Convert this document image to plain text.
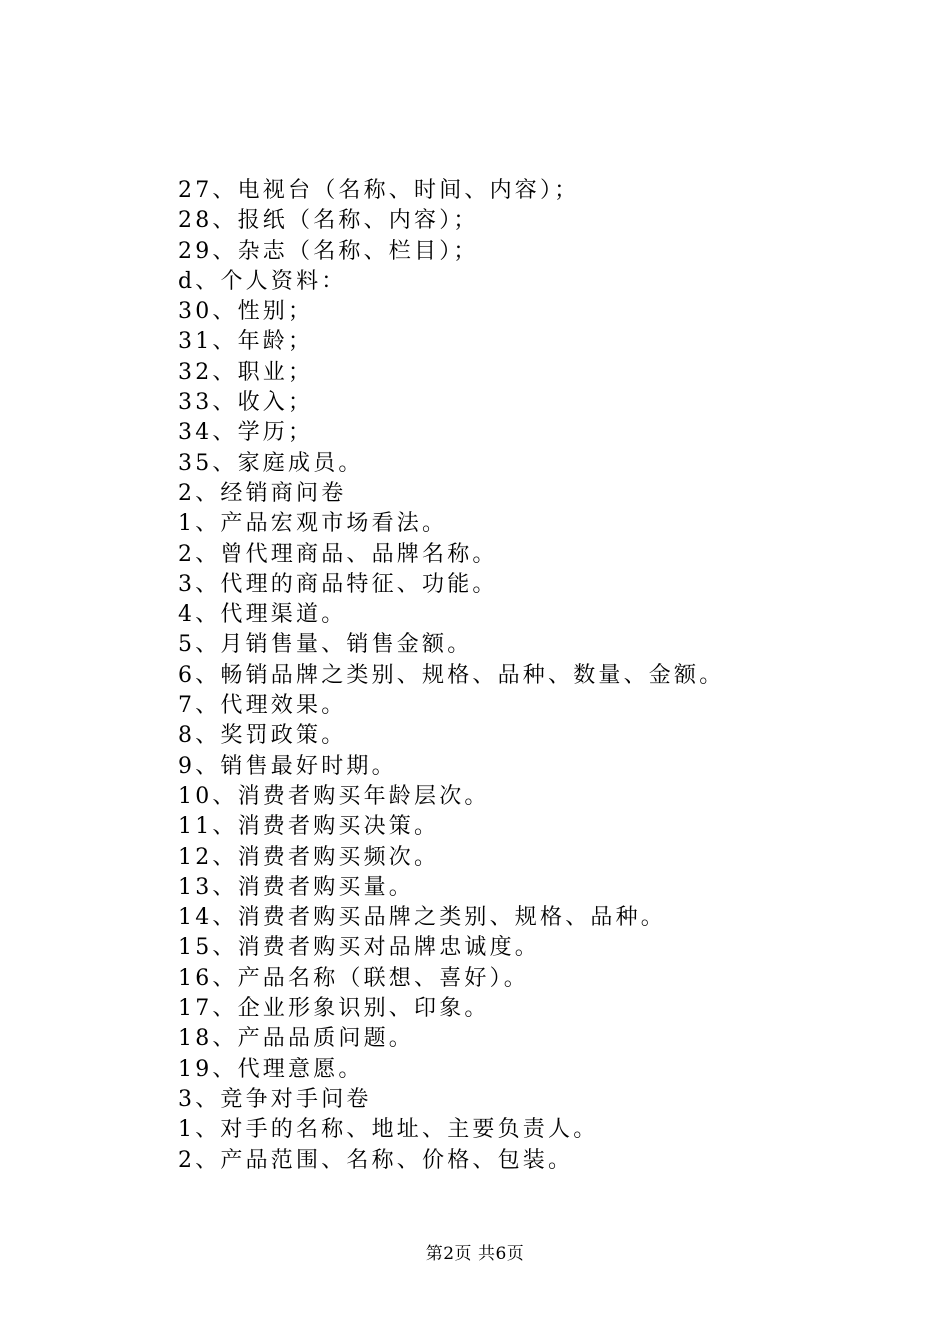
27、电视台（名称、时间、内容）；
28、报纸（名称、内容）；
29、杂志（名称、栏目）；
d、个人资料：
30、性别；
31、年龄；
32、职业；
33、收入；
34、学历；
35、家庭成员。
2、经销商问卷
1、产品宏观市场看法。
2、曾代理商品、品牌名称。
3、代理的商品特征、功能。
4、代理渠道。
5、月销售量、销售金额。
6、畅销品牌之类别、规格、品种、数量、金额。
7、代理效果。
8、奖罚政策。
9、销售最好时期。
10、消费者购买年龄层次。
11、消费者购买决策。
12、消费者购买频次。
13、消费者购买量。
14、消费者购买品牌之类别、规格、品种。
15、消费者购买对品牌忠诚度。
16、产品名称（联想、喜好）。
17、企业形象识别、印象。
18、产品品质问题。
19、代理意愿。
3、竞争对手问卷
1、对手的名称、地址、主要负责人。
2、产品范围、名称、价格、包装。
第2页 共6页
